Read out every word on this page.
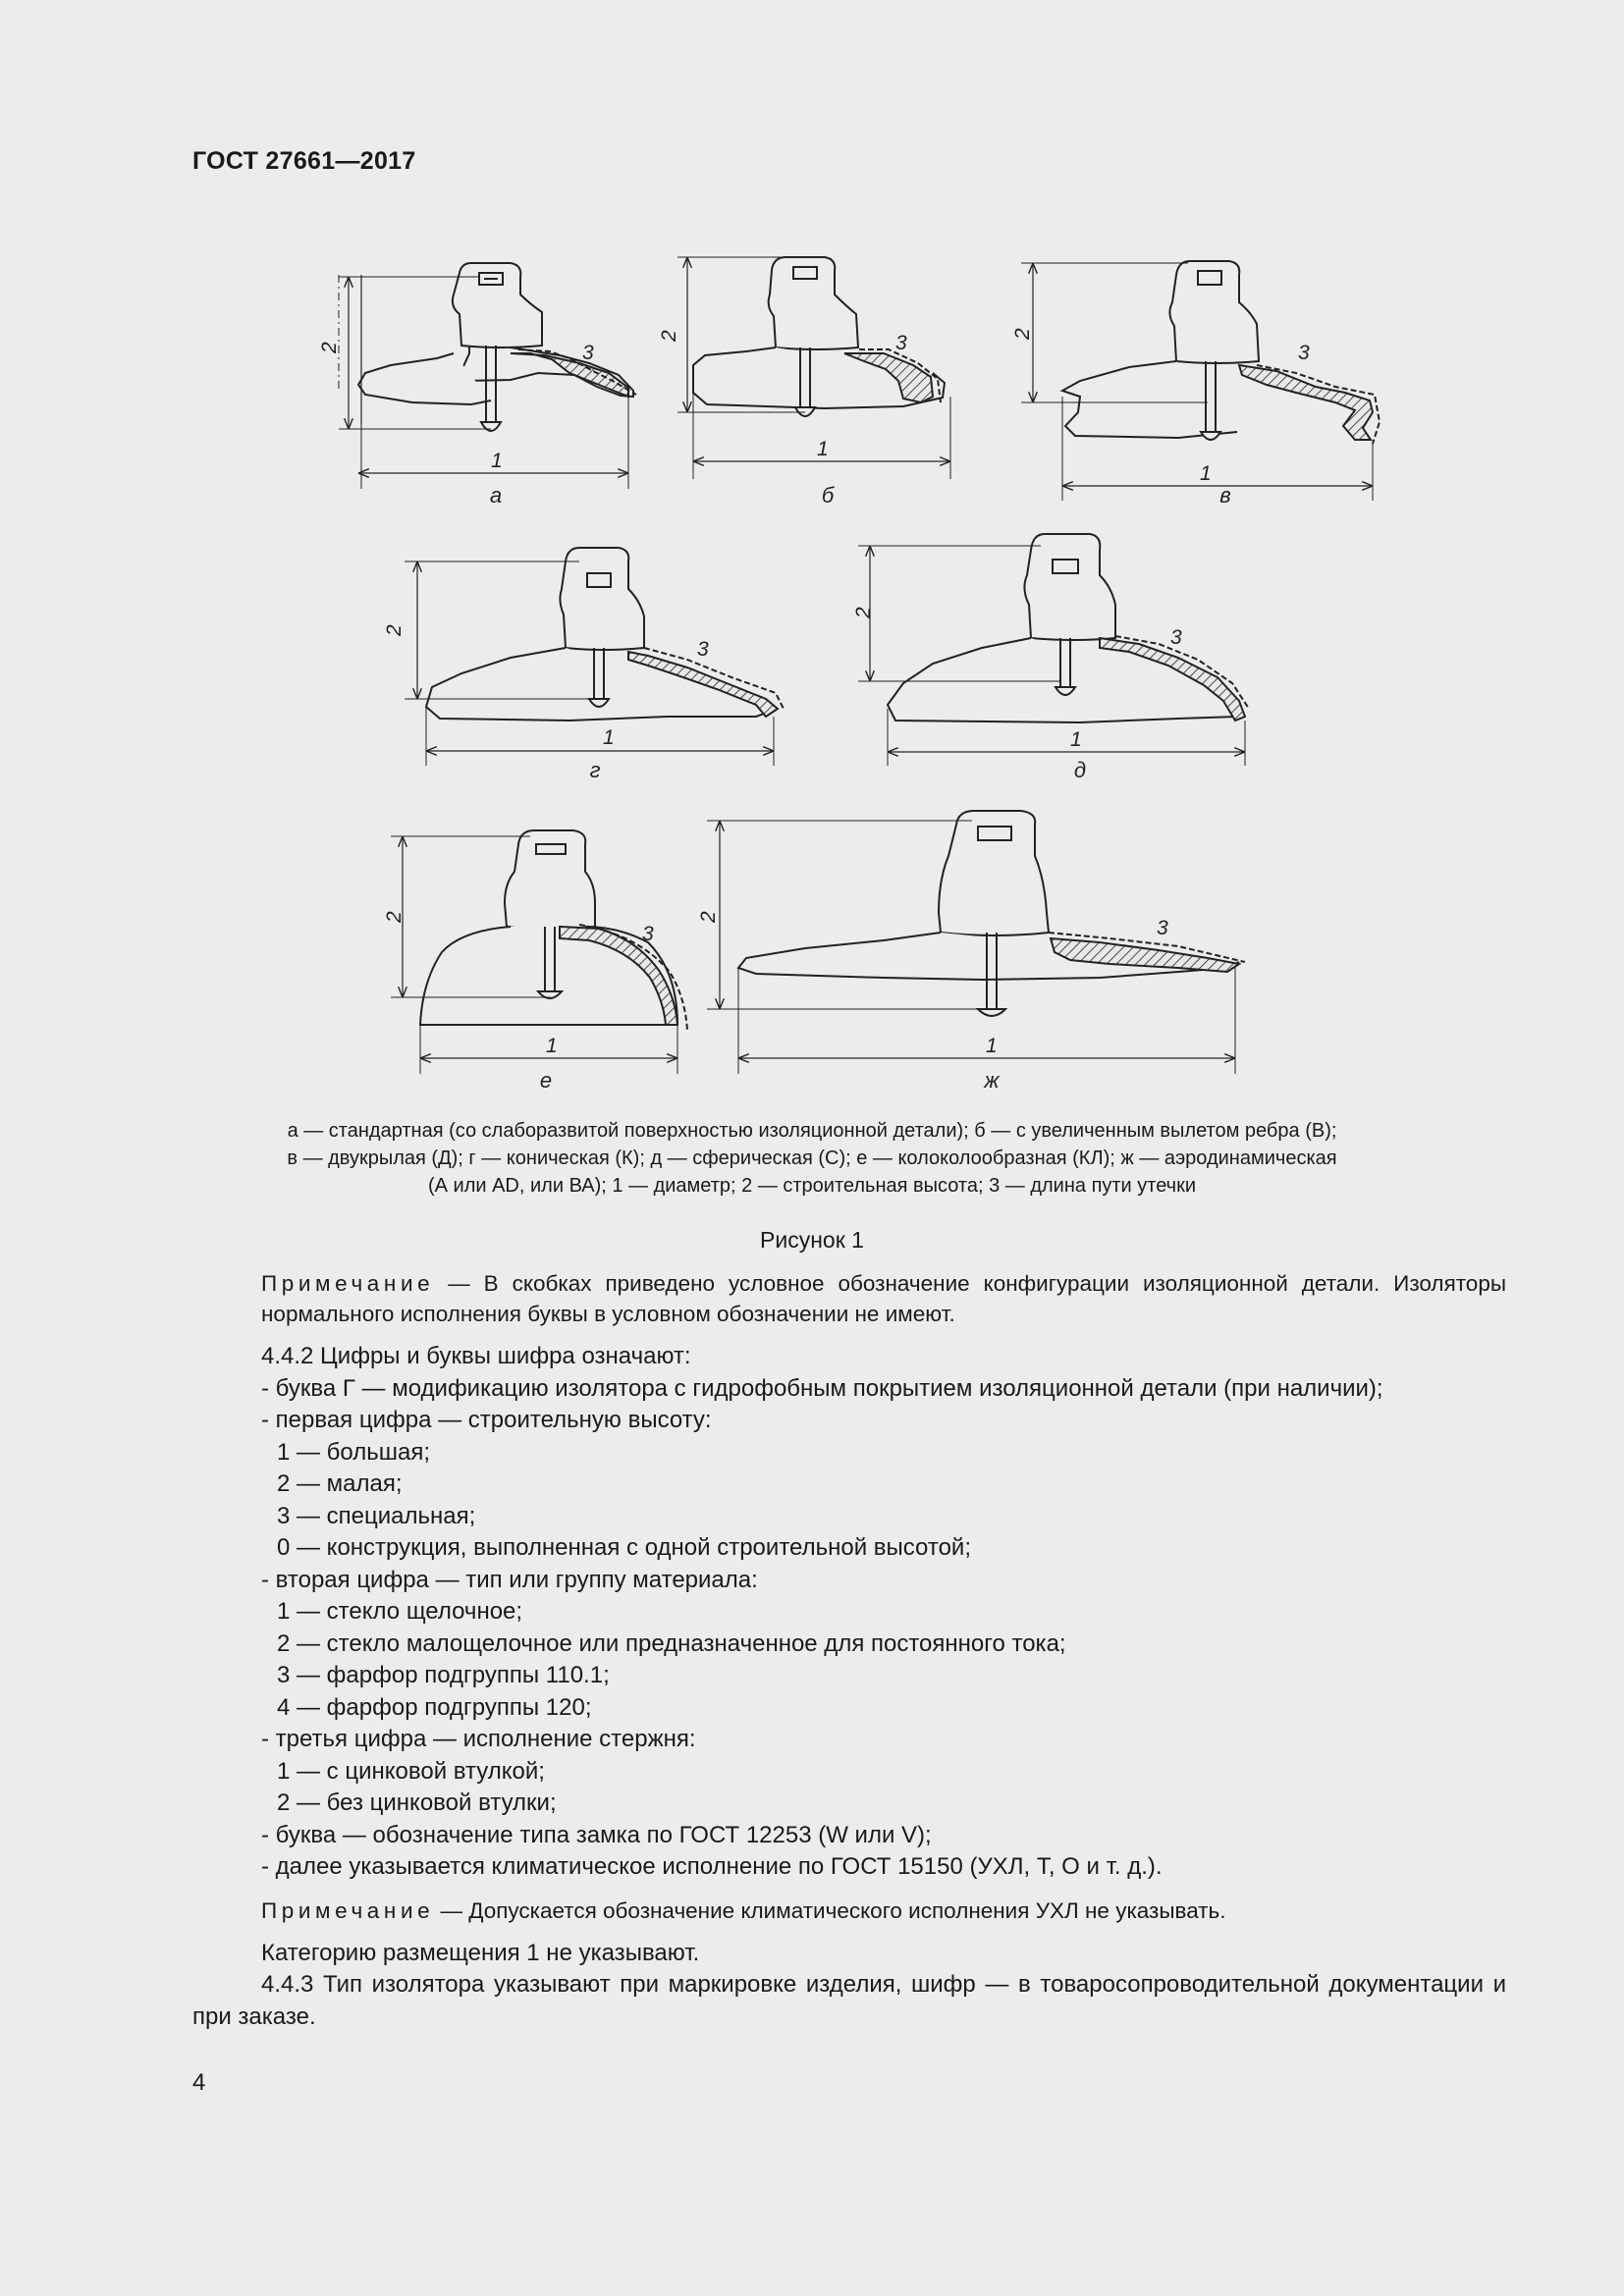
ГОСТ 27661—2017
2	3
1
2	3
1
2
3
1
2
3
1
2
3
1
2
3
1
2	3
1
а	б	в
г	д
е	ж
а — стандартная (со слаборазвитой поверхностью изоляционной детали); б — с увеличенным вылетом ребра (В);
в — двукрылая (Д); г — коническая (К); д — сферическая (С); е — колоколообразная (КЛ); ж — аэродинамическая
(А или AD, или ВА); 1 — диаметр; 2 — строительная высота; 3 — длина пути утечки
Рисунок 1

Примечание — В скобках приведено условное обозначение конфигурации изоляционной детали. Изоляторы нормального исполнения буквы в условном обозначении не имеют.

4.4.2 Цифры и буквы шифра означают:

- буква Г — модификацию изолятора с гидрофобным покрытием изоляционной детали (при наличии);

- первая цифра — строительную высоту:

1 — большая;

2 — малая;

3 — специальная;

0 — конструкция, выполненная с одной строительной высотой;

- вторая цифра — тип или группу материала:

1 — стекло щелочное;

2 — стекло малощелочное или предназначенное для постоянного тока;

3 — фарфор подгруппы 110.1;

4 — фарфор подгруппы 120;

- третья цифра — исполнение стержня:

1 — с цинковой втулкой;

2 — без цинковой втулки;

- буква — обозначение типа замка по ГОСТ 12253 (W или V);

- далее указывается климатическое исполнение по ГОСТ 15150 (УХЛ, Т, О и т. д.).

Примечание — Допускается обозначение климатического исполнения УХЛ не указывать.

Категорию размещения 1 не указывают.

4.4.3 Тип изолятора указывают при маркировке изделия, шифр — в товаросопроводительной документации и при заказе.

4
